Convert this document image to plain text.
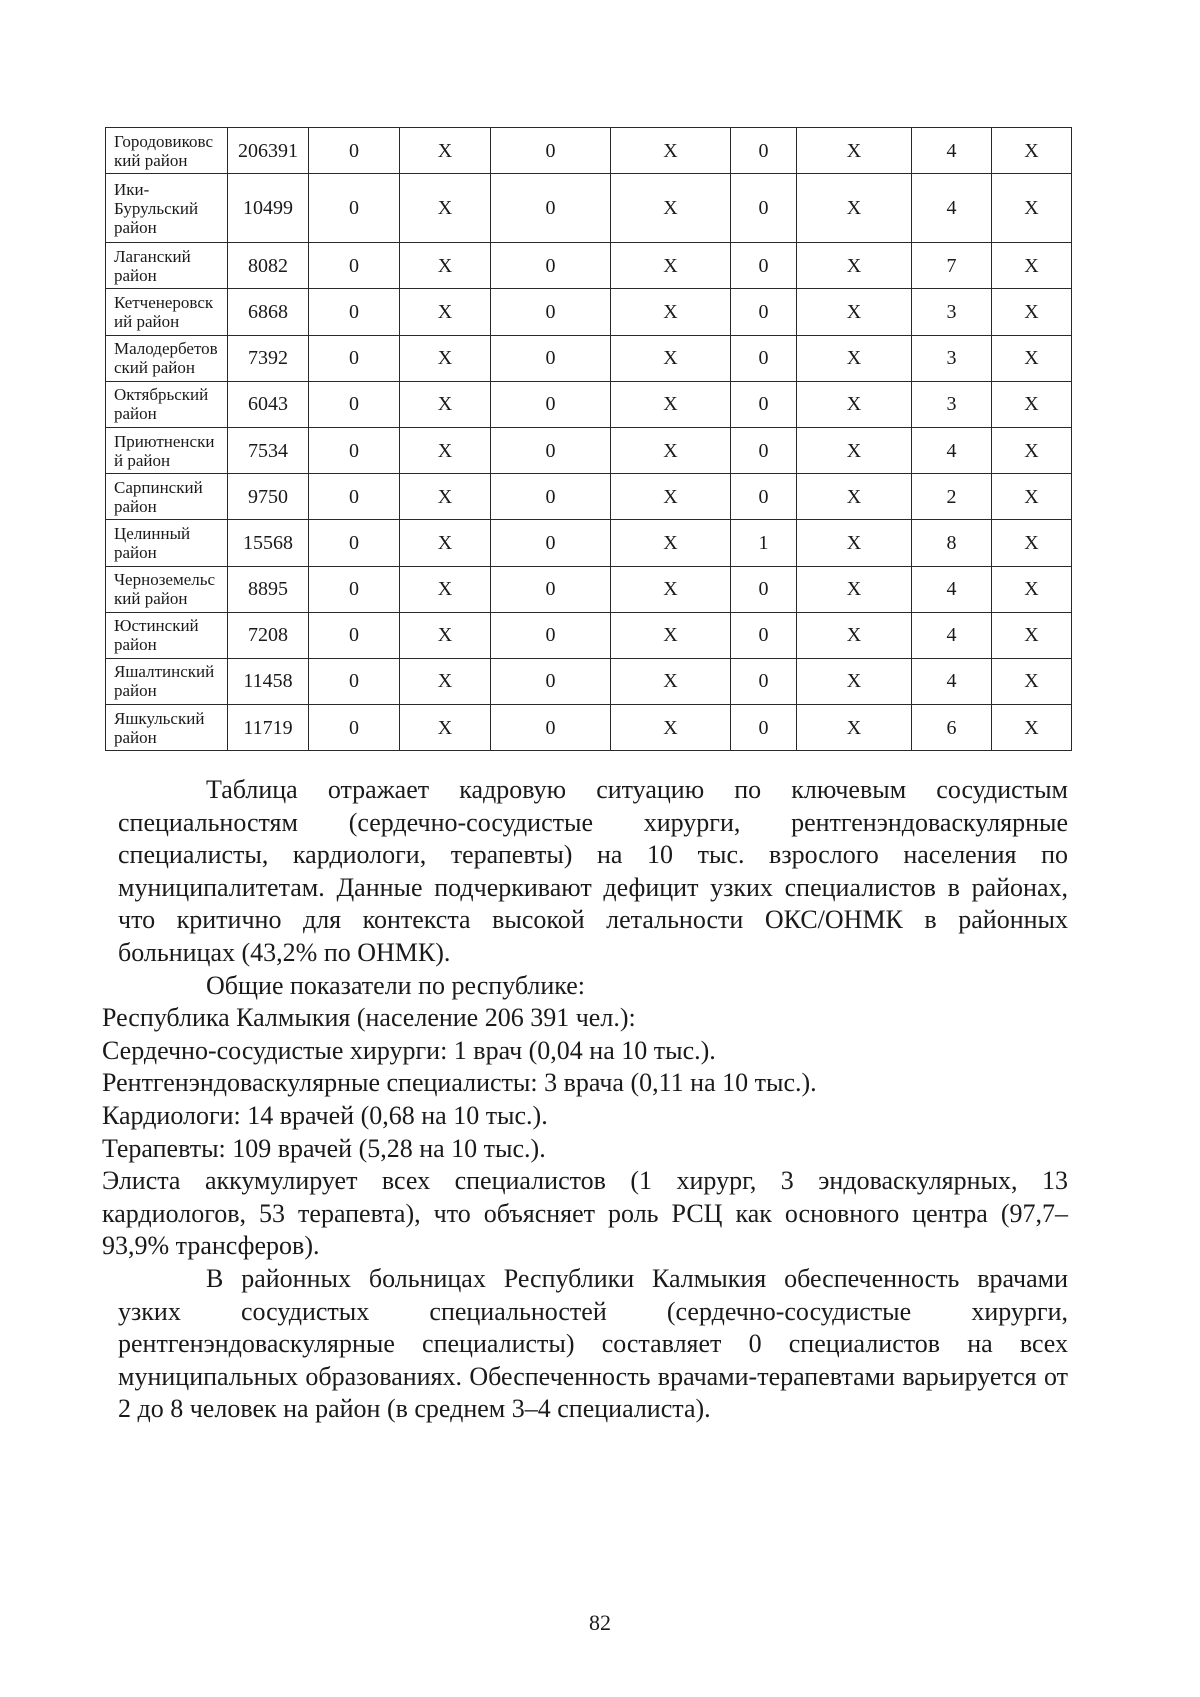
Городовиковс кий район	206391	0	X	0	X	0	X	4	X
Ики-Бурульский район	10499	0	X	0	X	0	X	4	X
Лаганский район	8082	0	X	0	X	0	X	7	X
Кетченеровск ий район	6868	0	X	0	X	0	X	3	X
Малодербетов ский район	7392	0	X	0	X	0	X	3	X
Октябрьский район	6043	0	X	0	X	0	X	3	X
Приютненски й район	7534	0	X	0	X	0	X	4	X
Сарпинский район	9750	0	X	0	X	0	X	2	X
Целинный район	15568	0	X	0	X	1	X	8	X
Черноземельс кий район	8895	0	X	0	X	0	X	4	X
Юстинский район	7208	0	X	0	X	0	X	4	X
Яшалтинский район	11458	0	X	0	X	0	X	4	X
Яшкульский район	11719	0	X	0	X	0	X	6	X

Таблица отражает кадровую ситуацию по ключевым сосудистым специальностям (сердечно-сосудистые хирурги, рентгенэндоваскулярные специалисты, кардиологи, терапевты) на 10 тыс. взрослого населения по муниципалитетам. Данные подчеркивают дефицит узких специалистов в районах, что критично для контекста высокой летальности ОКС/ОНМК в районных больницах (43,2% по ОНМК).

Общие показатели по республике:

Республика Калмыкия (население 206 391 чел.):

Сердечно-сосудистые хирурги: 1 врач (0,04 на 10 тыс.).

Рентгенэндоваскулярные специалисты: 3 врача (0,11 на 10 тыс.).

Кардиологи: 14 врачей (0,68 на 10 тыс.).

Терапевты: 109 врачей (5,28 на 10 тыс.).

Элиста аккумулирует всех специалистов (1 хирург, 3 эндоваскулярных, 13 кардиологов, 53 терапевта), что объясняет роль РСЦ как основного центра (97,7–93,9% трансферов).

В районных больницах Республики Калмыкия обеспеченность врачами узких сосудистых специальностей (сердечно-сосудистые хирурги, рентгенэндоваскулярные специалисты) составляет 0 специалистов на всех муниципальных образованиях. Обеспеченность врачами-терапевтами варьируется от 2 до 8 человек на район (в среднем 3–4 специалиста).

82
